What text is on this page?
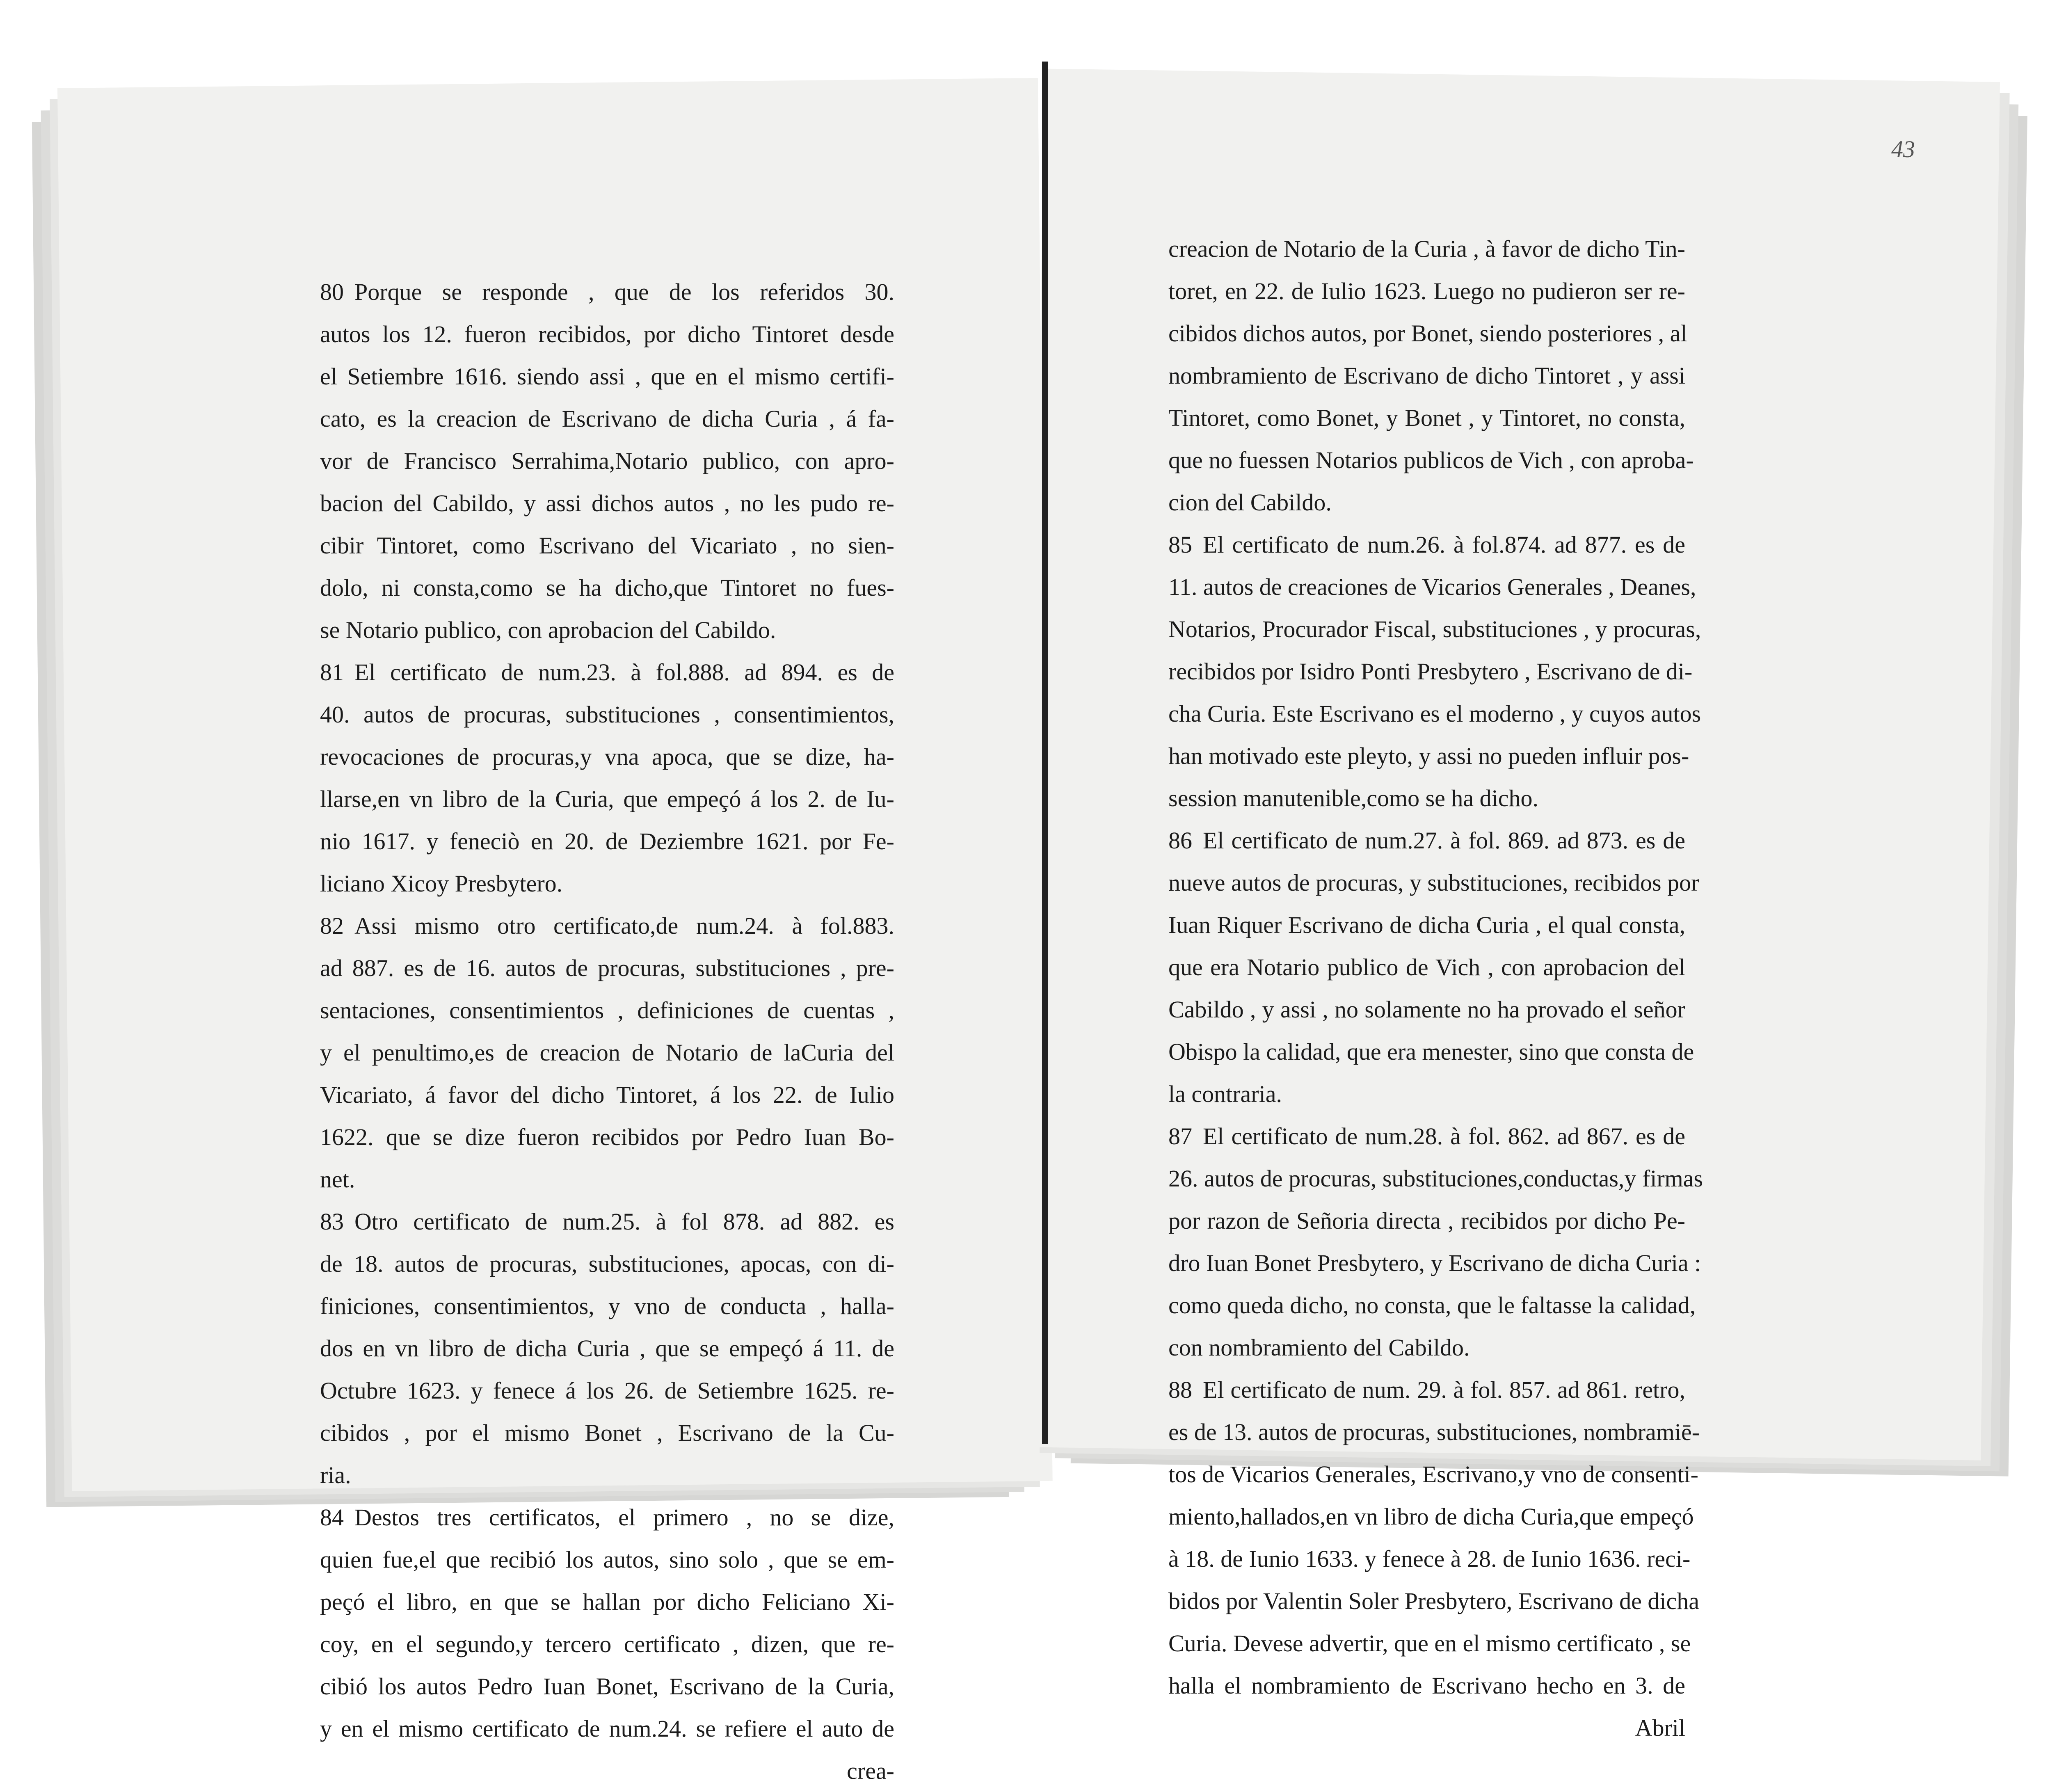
43
80 Porque se responde , que de los referidos 30.
autos los 12. fueron recibidos, por dicho Tintoret desde
el Setiembre 1616. siendo assi , que en el mismo certifi-
cato, es la creacion de Escrivano de dicha Curia , á fa-
vor de Francisco Serrahima,Notario publico, con apro-
bacion del Cabildo, y assi dichos autos , no les pudo re-
cibir Tintoret, como Escrivano del Vicariato , no sien-
dolo, ni consta,como se ha dicho,que Tintoret no fues-
se Notario publico, con aprobacion del Cabildo.
81 El certificato de num.23. à fol.888. ad 894. es de
40. autos de procuras, substituciones , consentimientos,
revocaciones de procuras,y vna apoca, que se dize, ha-
llarse,en vn libro de la Curia, que empeçó á los 2. de Iu-
nio 1617. y feneciò en 20. de Deziembre 1621. por Fe-
liciano Xicoy Presbytero.
82 Assi mismo otro certificato,de num.24. à fol.883.
ad 887. es de 16. autos de procuras, substituciones , pre-
sentaciones, consentimientos , definiciones de cuentas ,
y el penultimo,es de creacion de Notario de laCuria del
Vicariato, á favor del dicho Tintoret, á los 22. de Iulio
1622. que se dize fueron recibidos por Pedro Iuan Bo-
net.
83 Otro certificato de num.25. à fol 878. ad 882. es
de 18. autos de procuras, substituciones, apocas, con di-
finiciones, consentimientos, y vno de conducta , halla-
dos en vn libro de dicha Curia , que se empeçó á 11. de
Octubre 1623. y fenece á los 26. de Setiembre 1625. re-
cibidos , por el mismo Bonet , Escrivano de la Cu-
ria.
84 Destos tres certificatos, el primero , no se dize,
quien fue,el que recibió los autos, sino solo , que se em-
peçó el libro, en que se hallan por dicho Feliciano Xi-
coy, en el segundo,y tercero certificato , dizen, que re-
cibió los autos Pedro Iuan Bonet, Escrivano de la Curia,
y en el mismo certificato de num.24. se refiere el auto de
crea-
creacion de Notario de la Curia , à favor de dicho Tin-
toret, en 22. de Iulio 1623. Luego no pudieron ser re-
cibidos dichos autos, por Bonet, siendo posteriores , al
nombramiento de Escrivano de dicho Tintoret , y assi
Tintoret, como Bonet, y Bonet , y Tintoret, no consta,
que no fuessen Notarios publicos de Vich , con aproba-
cion del Cabildo.
85 El certificato de num.26. à fol.874. ad 877. es de
11. autos de creaciones de Vicarios Generales , Deanes,
Notarios, Procurador Fiscal, substituciones , y procuras,
recibidos por Isidro Ponti Presbytero , Escrivano de di-
cha Curia. Este Escrivano es el moderno , y cuyos autos
han motivado este pleyto, y assi no pueden influir pos-
session manutenible,como se ha dicho.
86 El certificato de num.27. à fol. 869. ad 873. es de
nueve autos de procuras, y substituciones, recibidos por
Iuan Riquer Escrivano de dicha Curia , el qual consta,
que era Notario publico de Vich , con aprobacion del
Cabildo , y assi , no solamente no ha provado el señor
Obispo la calidad, que era menester, sino que consta de
la contraria.
87 El certificato de num.28. à fol. 862. ad 867. es de
26. autos de procuras, substituciones,conductas,y firmas
por razon de Señoria directa , recibidos por dicho Pe-
dro Iuan Bonet Presbytero, y Escrivano de dicha Curia :
como queda dicho, no consta, que le faltasse la calidad,
con nombramiento del Cabildo.
88 El certificato de num. 29. à fol. 857. ad 861. retro,
es de 13. autos de procuras, substituciones, nombramiē-
tos de Vicarios Generales, Escrivano,y vno de consenti-
miento,hallados,en vn libro de dicha Curia,que empeçó
à 18. de Iunio 1633. y fenece à 28. de Iunio 1636. reci-
bidos por Valentin Soler Presbytero, Escrivano de dicha
Curia. Devese advertir, que en el mismo certificato , se
halla el nombramiento de Escrivano hecho en 3. de
Abril
